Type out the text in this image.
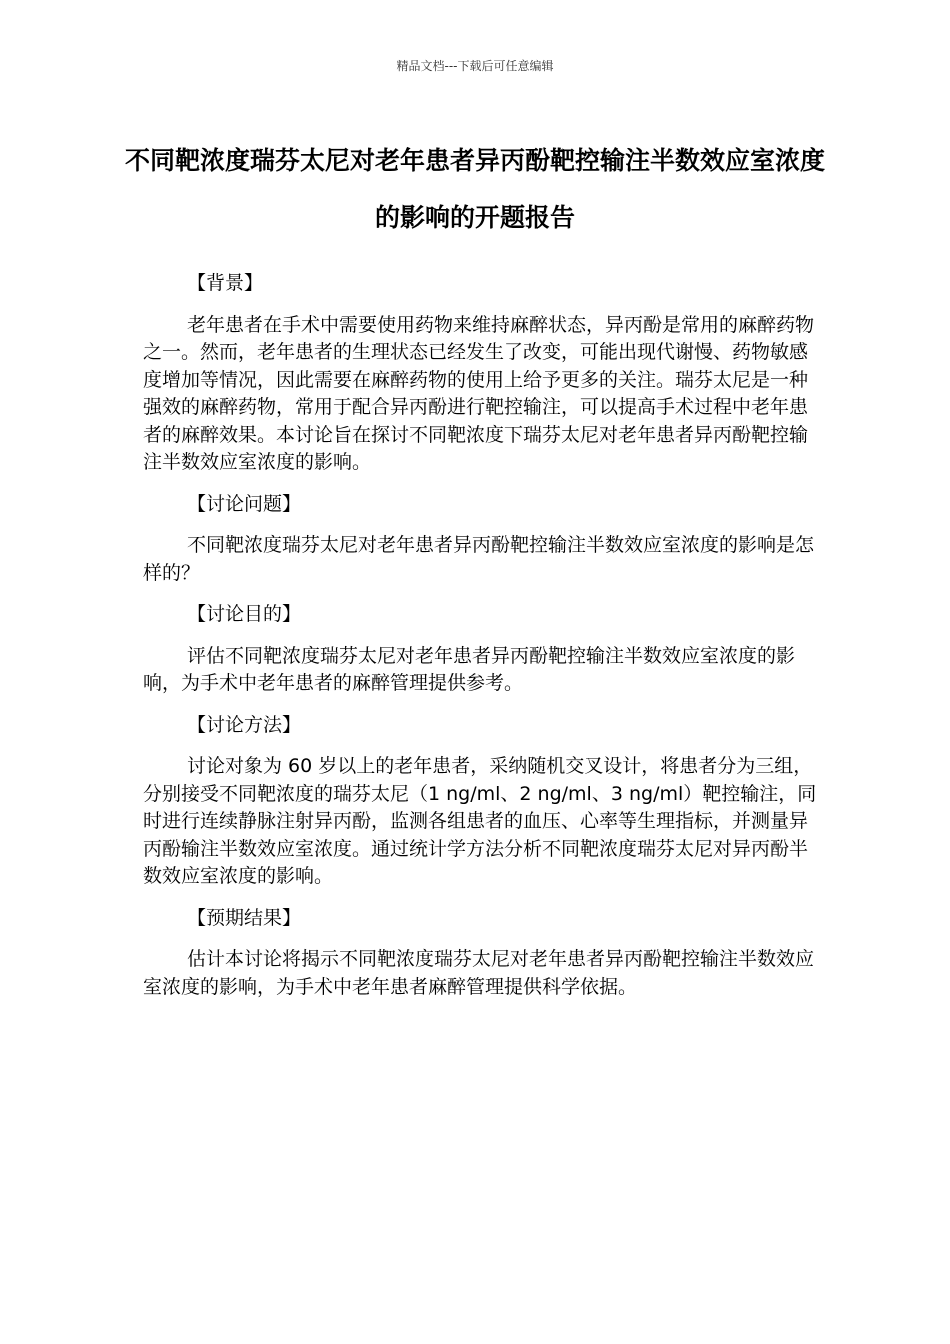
精品文档---下载后可任意编辑
不同靶浓度瑞芬太尼对老年患者异丙酚靶控输注半数效应室浓度的影响的开题报告

【背景】

老年患者在手术中需要使用药物来维持麻醉状态，异丙酚是常用的麻醉药物之一。然而，老年患者的生理状态已经发生了改变，可能出现代谢慢、药物敏感度增加等情况，因此需要在麻醉药物的使用上给予更多的关注。瑞芬太尼是一种强效的麻醉药物，常用于配合异丙酚进行靶控输注，可以提高手术过程中老年患者的麻醉效果。本讨论旨在探讨不同靶浓度下瑞芬太尼对老年患者异丙酚靶控输注半数效应室浓度的影响。

【讨论问题】

不同靶浓度瑞芬太尼对老年患者异丙酚靶控输注半数效应室浓度的影响是怎样的？

【讨论目的】

评估不同靶浓度瑞芬太尼对老年患者异丙酚靶控输注半数效应室浓度的影响，为手术中老年患者的麻醉管理提供参考。

【讨论方法】

讨论对象为 60 岁以上的老年患者，采纳随机交叉设计，将患者分为三组，分别接受不同靶浓度的瑞芬太尼（1 ng/ml、2 ng/ml、3 ng/ml）靶控输注，同时进行连续静脉注射异丙酚，监测各组患者的血压、心率等生理指标，并测量异丙酚输注半数效应室浓度。通过统计学方法分析不同靶浓度瑞芬太尼对异丙酚半数效应室浓度的影响。

【预期结果】

估计本讨论将揭示不同靶浓度瑞芬太尼对老年患者异丙酚靶控输注半数效应室浓度的影响，为手术中老年患者麻醉管理提供科学依据。
